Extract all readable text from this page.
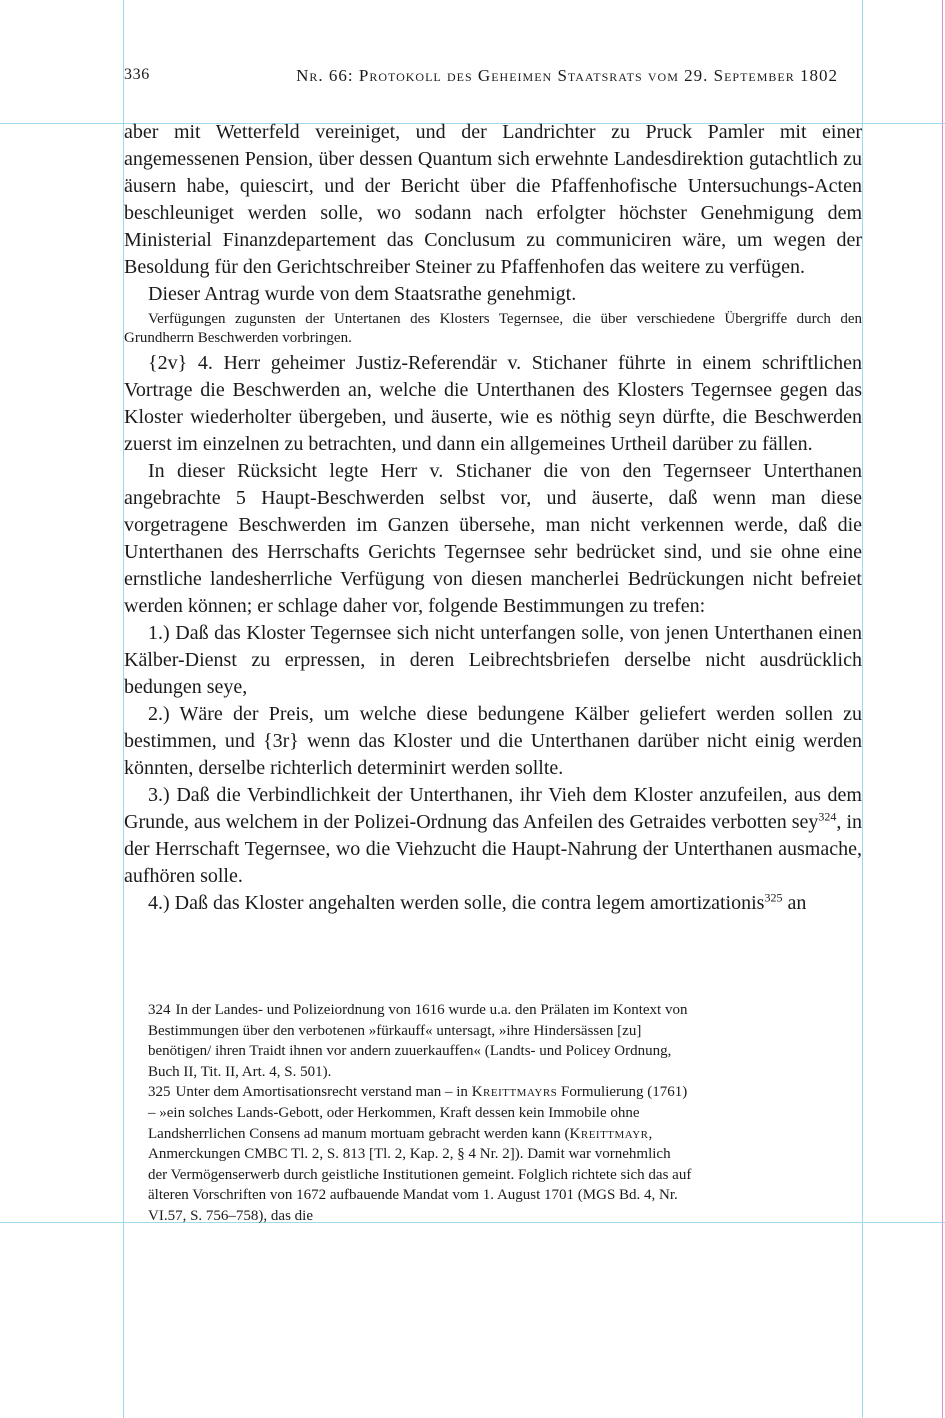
336	Nr. 66: Protokoll des Geheimen Staatsrats vom 29. September 1802

aber mit Wetterfeld vereiniget, und der Landrichter zu Pruck Pamler mit einer angemessenen Pension, über dessen Quantum sich erwehnte Landesdirektion gutachtlich zu äusern habe, quiescirt, und der Bericht über die Pfaffenhofische Untersuchungs-Acten beschleuniget werden solle, wo sodann nach erfolgter höchster Genehmigung dem Ministerial Finanzdepartement das Conclusum zu communiciren wäre, um wegen der Besoldung für den Gerichtschreiber Steiner zu Pfaffenhofen das weitere zu verfügen.

Dieser Antrag wurde von dem Staatsrathe genehmigt.

Verfügungen zugunsten der Untertanen des Klosters Tegernsee, die über verschiedene Übergriffe durch den Grundherrn Beschwerden vorbringen.

{2v} 4. Herr geheimer Justiz-Referendär v. Stichaner führte in einem schriftlichen Vortrage die Beschwerden an, welche die Unterthanen des Klosters Tegernsee gegen das Kloster wiederholter übergeben, und äuserte, wie es nöthig seyn dürfte, die Beschwerden zuerst im einzelnen zu betrachten, und dann ein allgemeines Urtheil darüber zu fällen.

In dieser Rücksicht legte Herr v. Stichaner die von den Tegernseer Unterthanen angebrachte 5 Haupt-Beschwerden selbst vor, und äuserte, daß wenn man diese vorgetragene Beschwerden im Ganzen übersehe, man nicht verkennen werde, daß die Unterthanen des Herrschafts Gerichts Tegernsee sehr bedrücket sind, und sie ohne eine ernstliche landesherrliche Verfügung von diesen mancherlei Bedrückungen nicht befreiet werden können; er schlage daher vor, folgende Bestimmungen zu trefen:

1.) Daß das Kloster Tegernsee sich nicht unterfangen solle, von jenen Unterthanen einen Kälber-Dienst zu erpressen, in deren Leibrechtsbriefen derselbe nicht ausdrücklich bedungen seye,

2.) Wäre der Preis, um welche diese bedungene Kälber geliefert werden sollen zu bestimmen, und {3r} wenn das Kloster und die Unterthanen darüber nicht einig werden könnten, derselbe richterlich determinirt werden sollte.

3.) Daß die Verbindlichkeit der Unterthanen, ihr Vieh dem Kloster anzufeilen, aus dem Grunde, aus welchem in der Polizei-Ordnung das Anfeilen des Getraides verbotten sey$^{324}$, in der Herrschaft Tegernsee, wo die Viehzucht die Haupt-Nahrung der Unterthanen ausmache, aufhören solle.

4.) Daß das Kloster angehalten werden solle, die contra legem amortizationis$^{325}$ an

324 In der Landes- und Polizeiordnung von 1616 wurde u.a. den Prälaten im Kontext von Bestimmungen über den verbotenen »fürkauff« untersagt, »ihre Hindersässen [zu] benötigen/ ihren Traidt ihnen vor andern zuuerkauffen« (Landts- und Policey Ordnung, Buch II, Tit. II, Art. 4, S. 501).

325 Unter dem Amortisationsrecht verstand man – in Kreittmayrs Formulierung (1761) – »ein solches Lands-Gebott, oder Herkommen, Kraft dessen kein Immobile ohne Landsherrlichen Consens ad manum mortuam gebracht werden kann (Kreittmayr, Anmerckungen CMBC Tl. 2, S. 813 [Tl. 2, Kap. 2, § 4 Nr. 2]). Damit war vornehmlich der Vermögenserwerb durch geistliche Institutionen gemeint. Folglich richtete sich das auf älteren Vorschriften von 1672 aufbauende Mandat vom 1. August 1701 (MGS Bd. 4, Nr. VI.57, S. 756–758), das die
